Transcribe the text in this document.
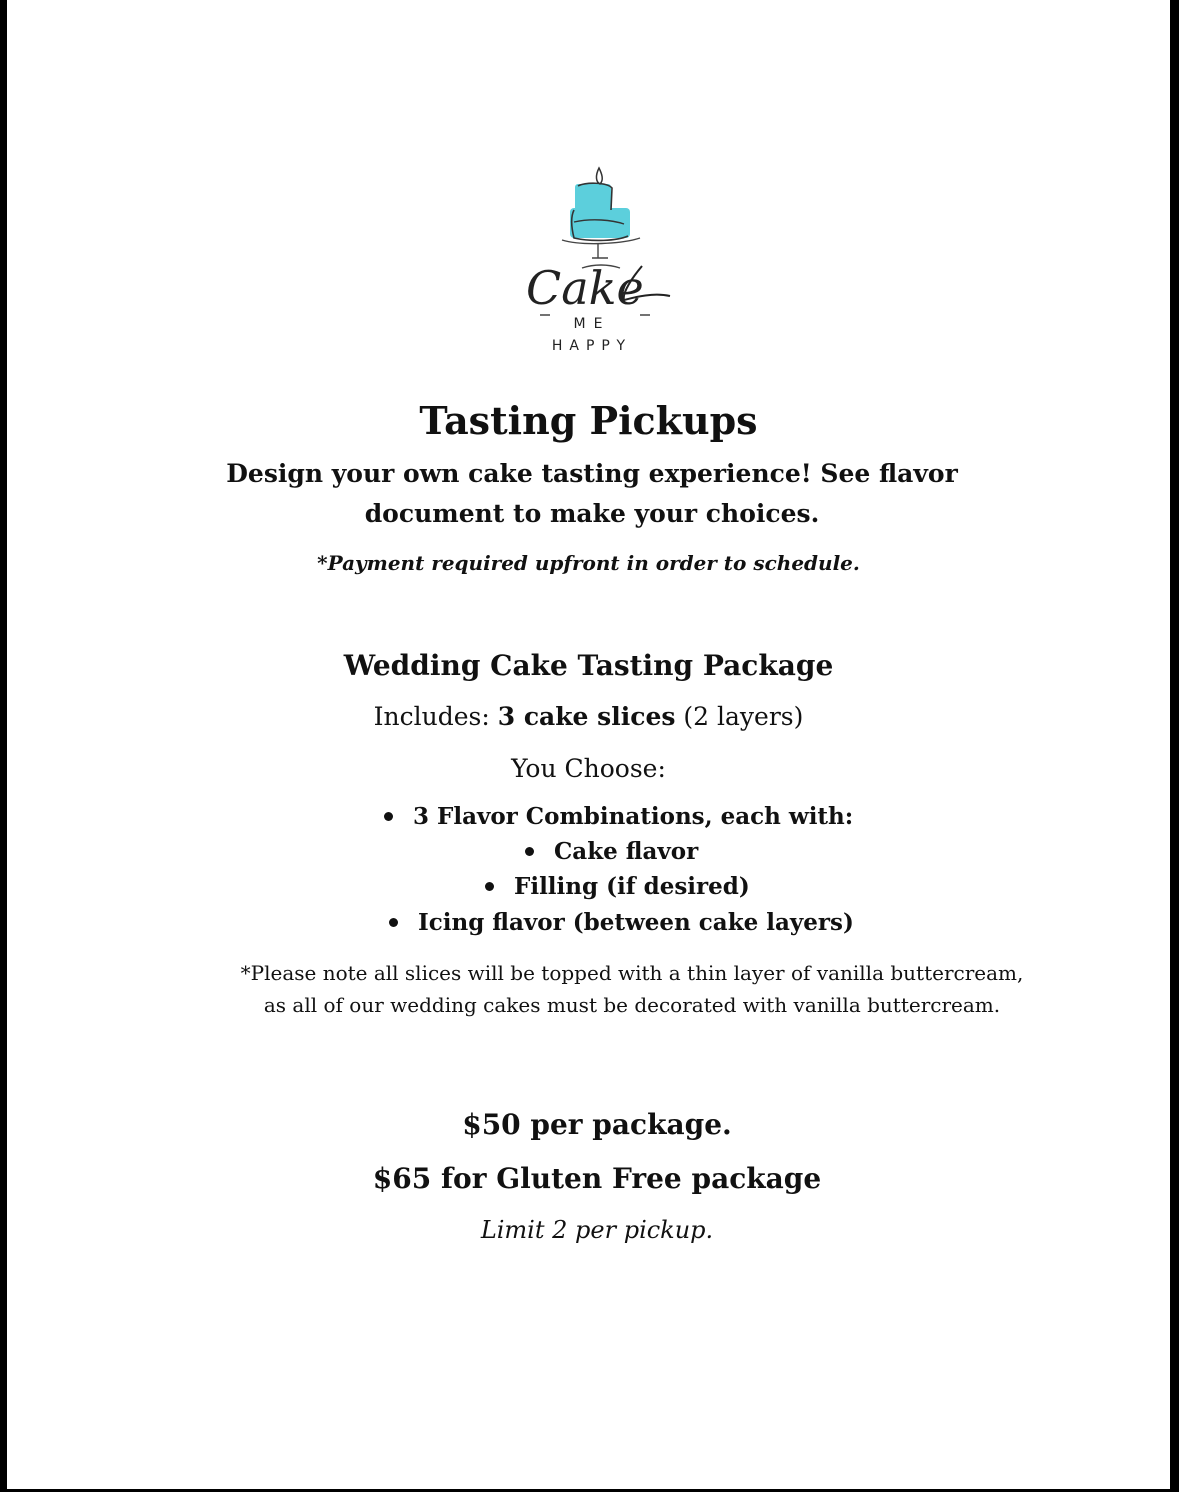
Cake
ME
HAPPY
Tasting Pickups
Design your own cake tasting experience! See flavor document to make your choices.
*Payment required upfront in order to schedule.
Wedding Cake Tasting Package
Includes: 3 cake slices (2 layers)
You Choose:
3 Flavor Combinations, each with:
Cake flavor
Filling (if desired)
Icing flavor (between cake layers)
*Please note all slices will be topped with a thin layer of vanilla buttercream, as all of our wedding cakes must be decorated with vanilla buttercream.
$50 per package.
$65 for Gluten Free package
Limit 2 per pickup.
